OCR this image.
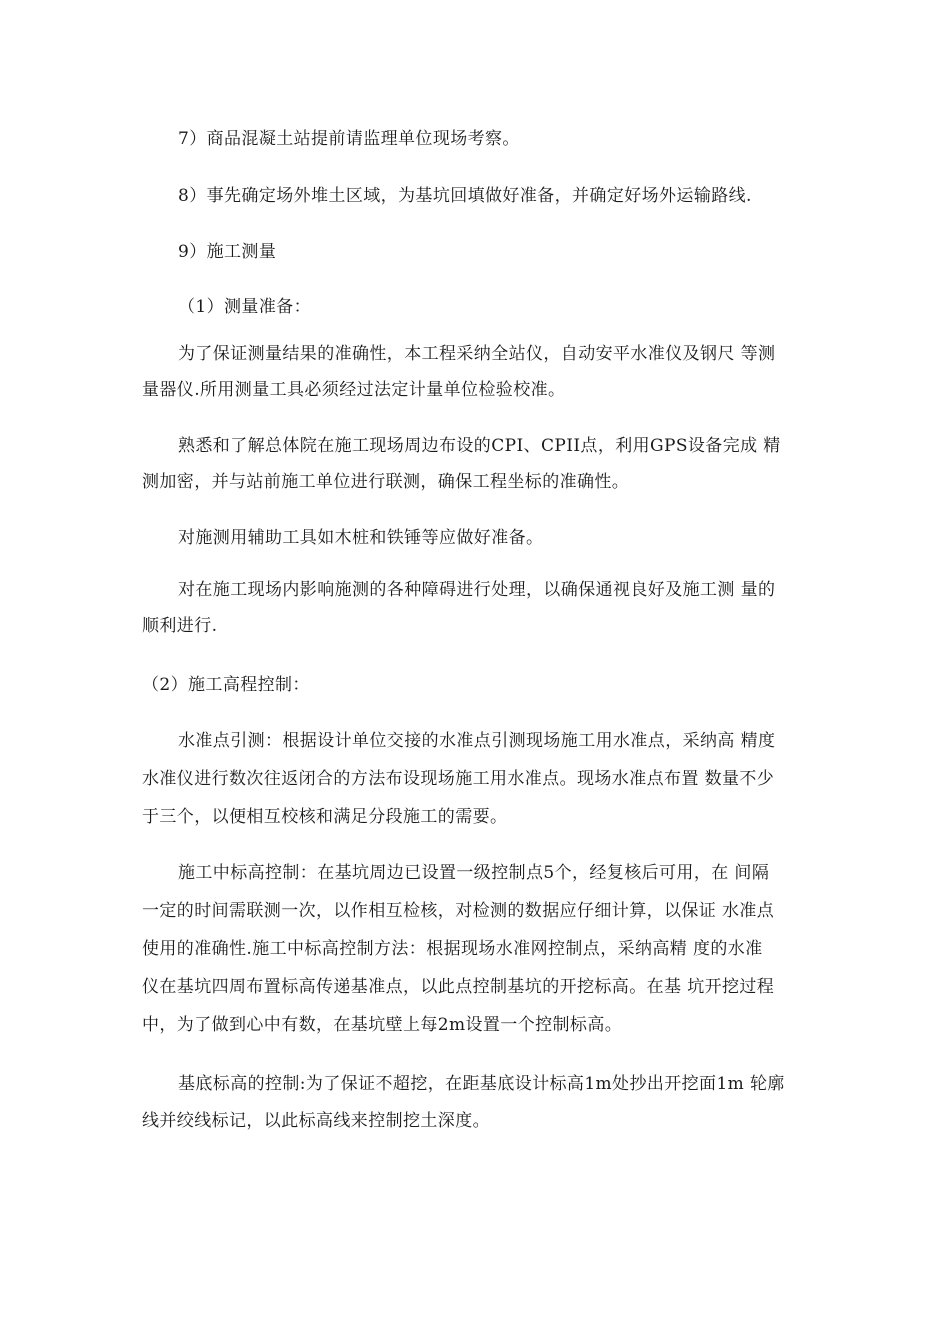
7）商品混凝土站提前请监理单位现场考察。
8）事先确定场外堆土区域，为基坑回填做好准备，并确定好场外运输路线.
9）施工测量
（1）测量准备：
为了保证测量结果的准确性，本工程采纳全站仪，自动安平水准仪及钢尺 等测
量器仪.所用测量工具必须经过法定计量单位检验校准。
熟悉和了解总体院在施工现场周边布设的CPI、CPII点，利用GPS设备完成 精
测加密，并与站前施工单位进行联测，确保工程坐标的准确性。
对施测用辅助工具如木桩和铁锤等应做好准备。
对在施工现场内影响施测的各种障碍进行处理，以确保通视良好及施工测 量的
顺利进行.
（2）施工高程控制：
水准点引测：根据设计单位交接的水准点引测现场施工用水准点，采纳高 精度
水准仪进行数次往返闭合的方法布设现场施工用水准点。现场水准点布置 数量不少
于三个，以便相互校核和满足分段施工的需要。
施工中标高控制：在基坑周边已设置一级控制点5个，经复核后可用，在 间隔
一定的时间需联测一次，以作相互检核，对检测的数据应仔细计算，以保证 水准点
使用的准确性.施工中标高控制方法：根据现场水准网控制点，采纳高精 度的水准
仪在基坑四周布置标高传递基准点，以此点控制基坑的开挖标高。在基 坑开挖过程
中，为了做到心中有数，在基坑壁上每2m设置一个控制标高。
基底标高的控制:为了保证不超挖，在距基底设计标高1m处抄出开挖面1m 轮廓
线并绞线标记，以此标高线来控制挖土深度。
